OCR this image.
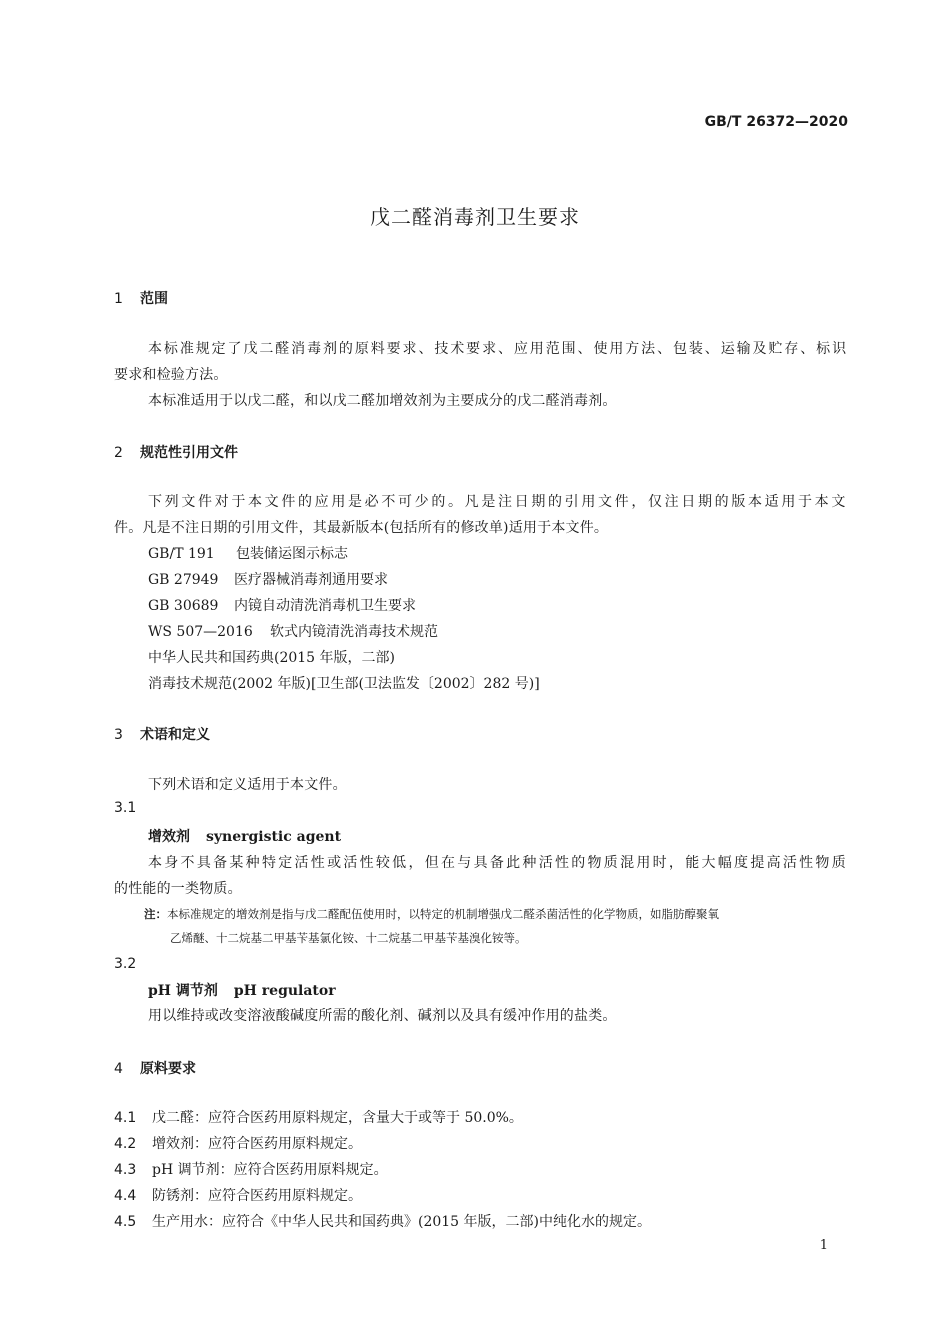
GB/T 26372—2020
戊二醛消毒剂卫生要求
1 范围
本标准规定了戊二醛消毒剂的原料要求、技术要求、应用范围、使用方法、包装、运输及贮存、标识
要求和检验方法。
本标准适用于以戊二醛，和以戊二醛加增效剂为主要成分的戊二醛消毒剂。
2 规范性引用文件
下列文件对于本文件的应用是必不可少的。凡是注日期的引用文件，仅注日期的版本适用于本文
件。凡是不注日期的引用文件，其最新版本(包括所有的修改单)适用于本文件。
GB/T 191 包装储运图示标志
GB 27949 医疗器械消毒剂通用要求
GB 30689 内镜自动清洗消毒机卫生要求
WS 507—2016 软式内镜清洗消毒技术规范
中华人民共和国药典(2015 年版，二部)
消毒技术规范(2002 年版)[卫生部(卫法监发〔2002〕282 号)]
3 术语和定义
下列术语和定义适用于本文件。
3.1
增效剂 synergistic agent
本身不具备某种特定活性或活性较低，但在与具备此种活性的物质混用时，能大幅度提高活性物质
的性能的一类物质。
注：本标准规定的增效剂是指与戊二醛配伍使用时，以特定的机制增强戊二醛杀菌活性的化学物质，如脂肪醇聚氧
乙烯醚、十二烷基二甲基苄基氯化铵、十二烷基二甲基苄基溴化铵等。
3.2
pH 调节剂 pH regulator
用以维持或改变溶液酸碱度所需的酸化剂、碱剂以及具有缓冲作用的盐类。
4 原料要求
4.1 戊二醛：应符合医药用原料规定，含量大于或等于 50.0%。
4.2 增效剂：应符合医药用原料规定。
4.3 pH 调节剂：应符合医药用原料规定。
4.4 防锈剂：应符合医药用原料规定。
4.5 生产用水：应符合《中华人民共和国药典》(2015 年版，二部)中纯化水的规定。
1
